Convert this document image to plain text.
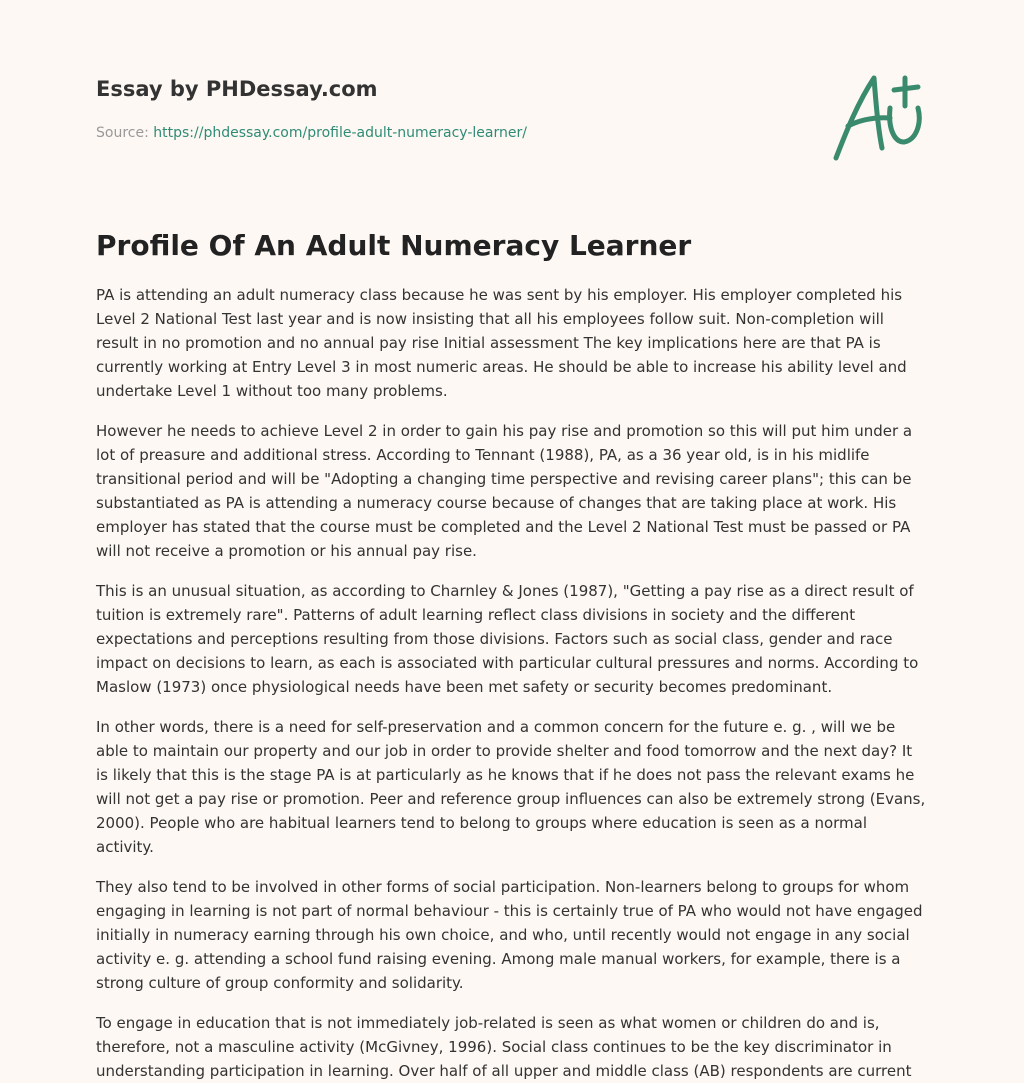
Essay by PHDessay.com

Source: https://phdessay.com/profile-adult-numeracy-learner/

Profile Of An Adult Numeracy Learner

PA is attending an adult numeracy class because he was sent by his employer. His employer completed his Level 2 National Test last year and is now insisting that all his employees follow suit. Non-completion will result in no promotion and no annual pay rise Initial assessment The key implications here are that PA is currently working at Entry Level 3 in most numeric areas. He should be able to increase his ability level and undertake Level 1 without too many problems.

However he needs to achieve Level 2 in order to gain his pay rise and promotion so this will put him under a lot of preasure and additional stress. According to Tennant (1988), PA, as a 36 year old, is in his midlife transitional period and will be "Adopting a changing time perspective and revising career plans"; this can be substantiated as PA is attending a numeracy course because of changes that are taking place at work. His employer has stated that the course must be completed and the Level 2 National Test must be passed or PA will not receive a promotion or his annual pay rise.

This is an unusual situation, as according to Charnley & Jones (1987), "Getting a pay rise as a direct result of tuition is extremely rare". Patterns of adult learning reflect class divisions in society and the different expectations and perceptions resulting from those divisions. Factors such as social class, gender and race impact on decisions to learn, as each is associated with particular cultural pressures and norms. According to Maslow (1973) once physiological needs have been met safety or security becomes predominant.

In other words, there is a need for self-preservation and a common concern for the future e. g. , will we be able to maintain our property and our job in order to provide shelter and food tomorrow and the next day? It is likely that this is the stage PA is at particularly as he knows that if he does not pass the relevant exams he will not get a pay rise or promotion. Peer and reference group influences can also be extremely strong (Evans, 2000). People who are habitual learners tend to belong to groups where education is seen as a normal activity.

They also tend to be involved in other forms of social participation. Non-learners belong to groups for whom engaging in learning is not part of normal behaviour - this is certainly true of PA who would not have engaged initially in numeracy earning through his own choice, and who, until recently would not engage in any social activity e. g. attending a school fund raising evening. Among male manual workers, for example, there is a strong culture of group conformity and solidarity.

To engage in education that is not immediately job-related is seen as what women or children do and is, therefore, not a masculine activity (McGivney, 1996). Social class continues to be the key discriminator in understanding participation in learning. Over half of all upper and middle class (AB) respondents are current
